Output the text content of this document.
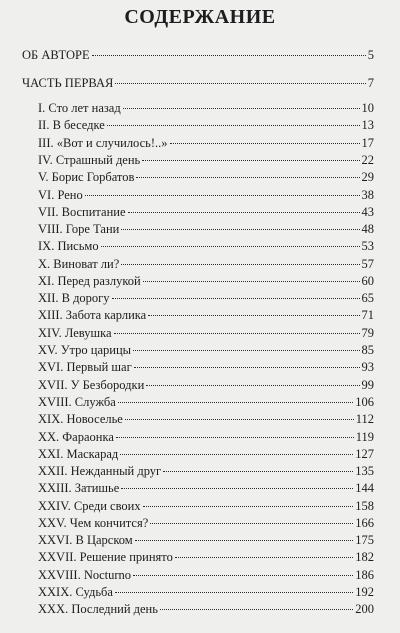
СОДЕРЖАНИЕ
ОБ АВТОРЕ	5
ЧАСТЬ ПЕРВАЯ	7
I. Сто лет назад	10
II. В беседке	13
III. «Вот и случилось!..»	17
IV. Страшный день	22
V. Борис Горбатов	29
VI. Рено	38
VII. Воспитание	43
VIII. Горе Тани	48
IX. Письмо	53
X. Виноват ли?	57
XI. Перед разлукой	60
XII. В дорогу	65
XIII. Забота карлика	71
XIV. Левушка	79
XV. Утро царицы	85
XVI. Первый шаг	93
XVII. У Безбородки	99
XVIII. Служба	106
XIX. Новоселье	112
XX. Фараонка	119
XXI. Маскарад	127
XXII. Нежданный друг	135
XXIII. Затишье	144
XXIV. Среди своих	158
XXV. Чем кончится?	166
XXVI. В Царском	175
XXVII. Решение принято	182
XXVIII. Nocturno	186
XXIX. Судьба	192
XXX. Последний день	200
